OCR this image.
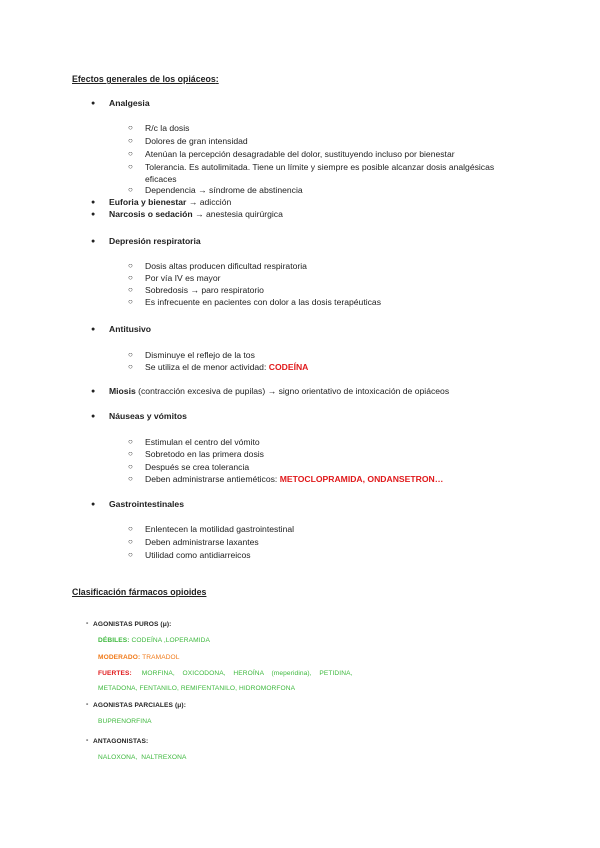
Efectos generales de los opiáceos:
● Analgesia
○ R/c la dosis
○ Dolores de gran intensidad
○ Atenúan la percepción desagradable del dolor, sustituyendo incluso por bienestar
○ Tolerancia. Es autolimitada. Tiene un límite y siempre es posible alcanzar dosis analgésicas
eficaces
○ Dependencia → síndrome de abstinencia
● Euforia y bienestar → adicción
● Narcosis o sedación → anestesia quirúrgica
● Depresión respiratoria
○ Dosis altas producen dificultad respiratoria
○ Por vía IV es mayor
○ Sobredosis → paro respiratorio
○ Es infrecuente en pacientes con dolor a las dosis terapéuticas
● Antitusivo
○ Disminuye el reflejo de la tos
○ Se utiliza el de menor actividad: CODEÍNA
● Miosis (contracción excesiva de pupilas) → signo orientativo de intoxicación de opiáceos
● Náuseas y vómitos
○ Estimulan el centro del vómito
○ Sobretodo en las primera dosis
○ Después se crea tolerancia
○ Deben administrarse antieméticos: METOCLOPRAMIDA, ONDANSETRON…
● Gastrointestinales
○ Enlentecen la motilidad gastrointestinal
○ Deben administrarse laxantes
○ Utilidad como antidiarreicos
Clasificación fármacos opioides
- AGONISTAS PUROS (μ):
DÉBILES: CODEÍNA ,LOPERAMIDA
MODERADO: TRAMADOL
FUERTES: MORFINA,    OXICODONA,    HEROÍNA    (meperidina),    PETIDINA,
METADONA, FENTANILO, REMIFENTANILO, HIDROMORFONA
- AGONISTAS PARCIALES (μ):
BUPRENORFINA
- ANTAGONISTAS:
NALOXONA,  NALTREXONA
